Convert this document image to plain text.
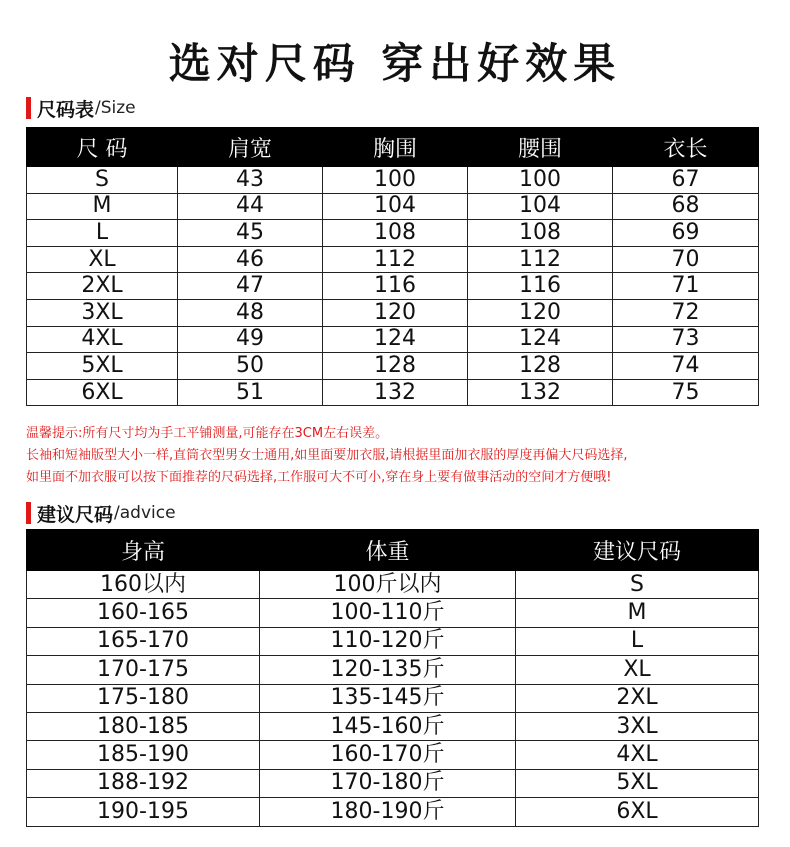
选对尺码 穿出好效果
尺码表 /Size
尺 码	肩宽	胸围	腰围	衣长
S	43	100	100	67
M	44	104	104	68
L	45	108	108	69
XL	46	112	112	70
2XL	47	116	116	71
3XL	48	120	120	72
4XL	49	124	124	73
5XL	50	128	128	74
6XL	51	132	132	75
温馨提示:所有尺寸均为手工平铺测量,可能存在3CM左右误差。
长袖和短袖版型大小一样,直筒衣型男女士通用,如里面要加衣服,请根据里面加衣服的厚度再偏大尺码选择,
如里面不加衣服可以按下面推荐的尺码选择,工作服可大不可小,穿在身上要有做事活动的空间才方便哦!
建议尺码 /advice
身高	体重	建议尺码
160以内	100斤以内	S
160-165	100-110斤	M
165-170	110-120斤	L
170-175	120-135斤	XL
175-180	135-145斤	2XL
180-185	145-160斤	3XL
185-190	160-170斤	4XL
188-192	170-180斤	5XL
190-195	180-190斤	6XL
